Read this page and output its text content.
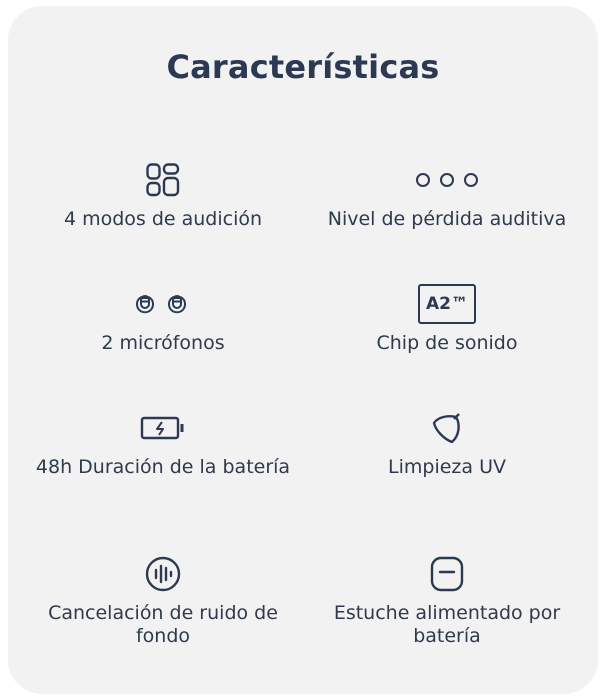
Características
4 modos de audición	Nivel de pérdida auditiva
2 micrófonos
A2™
Chip de sonido
48h Duración de la batería	Limpieza UV
Cancelación de ruido de fondo
Estuche alimentado por batería
